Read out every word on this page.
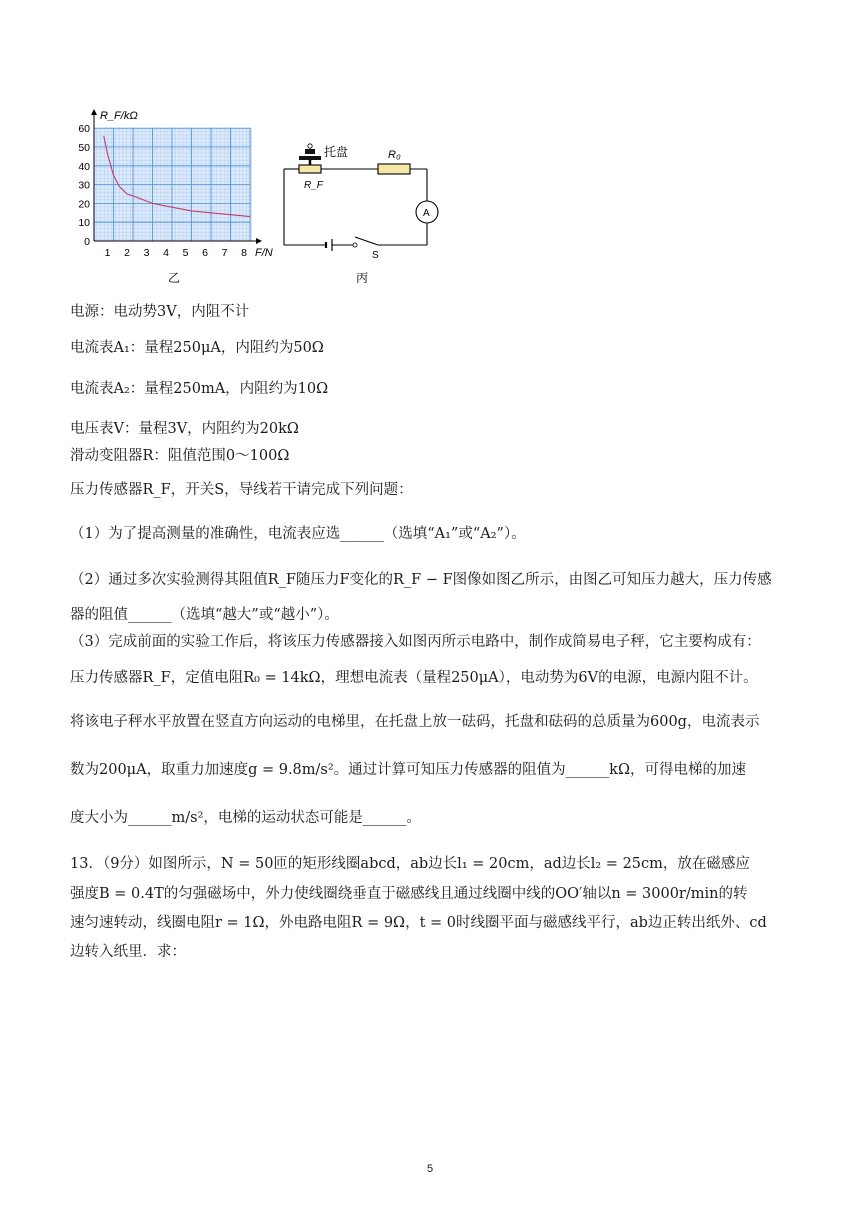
R_F/kΩ
F/N
0
10
20
30
40
50
60
1 2 3 4 5 6 7 8
乙
托盘
R_F
R₀
A
S
丙
电源：电动势3V，内阻不计
电流表A₁：量程250μA，内阻约为50Ω
电流表A₂：量程250mA，内阻约为10Ω
电压表V：量程3V，内阻约为20kΩ
滑动变阻器R：阻值范围0～100Ω
压力传感器R_F，开关S，导线若干请完成下列问题：
（1）为了提高测量的准确性，电流表应选______（选填“A₁”或“A₂”）。
（2）通过多次实验测得其阻值R_F随压力F变化的R_F − F图像如图乙所示，由图乙可知压力越大，压力传感
器的阻值______（选填“越大”或“越小”）。
（3）完成前面的实验工作后，将该压力传感器接入如图丙所示电路中，制作成简易电子秤，它主要构成有：
压力传感器R_F，定值电阻R₀ = 14kΩ，理想电流表（量程250μA），电动势为6V的电源，电源内阻不计。
将该电子秤水平放置在竖直方向运动的电梯里，在托盘上放一砝码，托盘和砝码的总质量为600g，电流表示
数为200μA，取重力加速度g = 9.8m/s²。通过计算可知压力传感器的阻值为______kΩ，可得电梯的加速
度大小为______m/s²，电梯的运动状态可能是______。
13．（9分）如图所示，N = 50匝的矩形线圈abcd，ab边长l₁ = 20cm，ad边长l₂ = 25cm，放在磁感应
强度B = 0.4T的匀强磁场中，外力使线圈绕垂直于磁感线且通过线圈中线的OO′轴以n = 3000r/min的转
速匀速转动，线圈电阻r = 1Ω，外电路电阻R = 9Ω，t = 0时线圈平面与磁感线平行，ab边正转出纸外、cd
边转入纸里．求：
5
